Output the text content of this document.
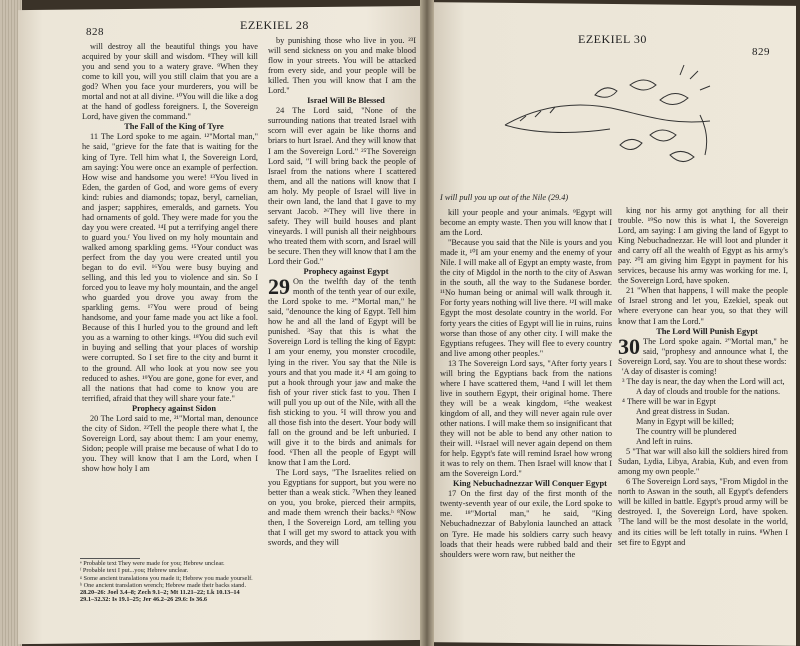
828	EZEKIEL 28
EZEKIEL 30
829

will destroy all the beautiful things you have acquired by your skill and wisdom. ⁸They will kill you and send you to a watery grave. ⁹When they come to kill you, will you still claim that you are a god? When you face your murderers, you will be mortal and not at all divine. ¹⁰You will die like a dog at the hand of godless foreigners. I, the Sovereign Lord, have given the command."

The Fall of the King of Tyre

11 The Lord spoke to me again. ¹²"Mortal man," he said, "grieve for the fate that is waiting for the king of Tyre. Tell him what I, the Sovereign Lord, am saying: You were once an example of perfection. How wise and handsome you were! ¹³You lived in Eden, the garden of God, and wore gems of every kind: rubies and diamonds; topaz, beryl, carnelian, and jasper; sapphires, emeralds, and garnets. You had ornaments of gold. They were made for you the day you were created. ¹⁴I put a terrifying angel there to guard you.ᶠ You lived on my holy mountain and walked among sparkling gems. ¹⁵Your conduct was perfect from the day you were created until you began to do evil. ¹⁶You were busy buying and selling, and this led you to violence and sin. So I forced you to leave my holy mountain, and the angel who guarded you drove you away from the sparkling gems. ¹⁷You were proud of being handsome, and your fame made you act like a fool. Because of this I hurled you to the ground and left you as a warning to other kings. ¹⁸You did such evil in buying and selling that your places of worship were corrupted. So I set fire to the city and burnt it to the ground. All who look at you now see you reduced to ashes. ¹⁹You are gone, gone for ever, and all the nations that had come to know you are terrified, afraid that they will share your fate."

Prophecy against Sidon

20 The Lord said to me, ²¹"Mortal man, denounce the city of Sidon. ²²Tell the people there what I, the Sovereign Lord, say about them: I am your enemy, Sidon; people will praise me because of what I do to you. They will know that I am the Lord, when I show how holy I am

by punishing those who live in you. ²³I will send sickness on you and make blood flow in your streets. You will be attacked from every side, and your people will be killed. Then you will know that I am the Lord."

Israel Will Be Blessed

24 The Lord said, "None of the surrounding nations that treated Israel with scorn will ever again be like thorns and briars to hurt Israel. And they will know that I am the Sovereign Lord." ²⁵The Sovereign Lord said, "I will bring back the people of Israel from the nations where I scattered them, and all the nations will know that I am holy. My people of Israel will live in their own land, the land that I gave to my servant Jacob. ²⁶They will live there in safety. They will build houses and plant vineyards. I will punish all their neighbours who treated them with scorn, and Israel will be secure. Then they will know that I am the Lord their God."

Prophecy against Egypt

29 On the twelfth day of the tenth month of the tenth year of our exile, the Lord spoke to me. ²"Mortal man," he said, "denounce the king of Egypt. Tell him how he and all the land of Egypt will be punished. ³Say that this is what the Sovereign Lord is telling the king of Egypt: I am your enemy, you monster crocodile, lying in the river. You say that the Nile is yours and that you made it.ᵍ ⁴I am going to put a hook through your jaw and make the fish of your river stick fast to you. Then I will pull you up out of the Nile, with all the fish sticking to you. ⁵I will throw you and all those fish into the desert. Your body will fall on the ground and be left unburied. I will give it to the birds and animals for food. ⁶Then all the people of Egypt will know that I am the Lord.

The Lord says, "The Israelites relied on you Egyptians for support, but you were no better than a weak stick. ⁷When they leaned on you, you broke, pierced their armpits, and made them wrench their backs.ʰ ⁸Now then, I the Sovereign Lord, am telling you that I will get my sword to attack you with swords, and they will

ᵉ Probable text They were made for you; Hebrew unclear.
ᶠ Probable text I put...you; Hebrew unclear.
ᵍ Some ancient translations you made it; Hebrew you made yourself.
ʰ One ancient translation wrench; Hebrew made their backs stand.
28.20–26: Joel 3.4–8; Zech 9.1–2; Mt 11.21–22; Lk 10.13–14
29.1–32.32: Is 19.1–25; Jer 46.2–26 29.6: Is 36.6

I will pull you up out of the Nile (29.4)

kill your people and your animals. ⁹Egypt will become an empty waste. Then you will know that I am the Lord.

"Because you said that the Nile is yours and you made it, ¹⁰I am your enemy and the enemy of your Nile. I will make all of Egypt an empty waste, from the city of Migdol in the north to the city of Aswan in the south, all the way to the Sudanese border. ¹¹No human being or animal will walk through it. For forty years nothing will live there. ¹²I will make Egypt the most desolate country in the world. For forty years the cities of Egypt will lie in ruins, ruins worse than those of any other city. I will make the Egyptians refugees. They will flee to every country and live among other peoples."

13 The Sovereign Lord says, "After forty years I will bring the Egyptians back from the nations where I have scattered them, ¹⁴and I will let them live in southern Egypt, their original home. There they will be a weak kingdom, ¹⁵the weakest kingdom of all, and they will never again rule over other nations. I will make them so insignificant that they will not be able to bend any other nation to their will. ¹⁶Israel will never again depend on them for help. Egypt's fate will remind Israel how wrong it was to rely on them. Then Israel will know that I am the Sovereign Lord."

King Nebuchadnezzar Will Conquer Egypt

17 On the first day of the first month of the twenty-seventh year of our exile, the Lord spoke to me. ¹⁸"Mortal man," he said, "King Nebuchadnezzar of Babylonia launched an attack on Tyre. He made his soldiers carry such heavy loads that their heads were rubbed bald and their shoulders were worn raw, but neither the

king nor his army got anything for all their trouble. ¹⁹So now this is what I, the Sovereign Lord, am saying: I am giving the land of Egypt to King Nebuchadnezzar. He will loot and plunder it and carry off all the wealth of Egypt as his army's pay. ²⁰I am giving him Egypt in payment for his services, because his army was working for me. I, the Sovereign Lord, have spoken.

21 "When that happens, I will make the people of Israel strong and let you, Ezekiel, speak out where everyone can hear you, so that they will know that I am the Lord."

The Lord Will Punish Egypt

30 The Lord spoke again. ²"Mortal man," he said, "prophesy and announce what I, the Sovereign Lord, say. You are to shout these words:

'A day of disaster is coming!

³ The day is near, the day when the Lord will act,

A day of clouds and trouble for the nations.

⁴ There will be war in Egypt

And great distress in Sudan.

Many in Egypt will be killed;

The country will be plundered

And left in ruins.

5 "That war will also kill the soldiers hired from Sudan, Lydia, Libya, Arabia, Kub, and even from among my own people."

6 The Sovereign Lord says, "From Migdol in the north to Aswan in the south, all Egypt's defenders will be killed in battle. Egypt's proud army will be destroyed. I, the Sovereign Lord, have spoken. ⁷The land will be the most desolate in the world, and its cities will be left totally in ruins. ⁸When I set fire to Egypt and
